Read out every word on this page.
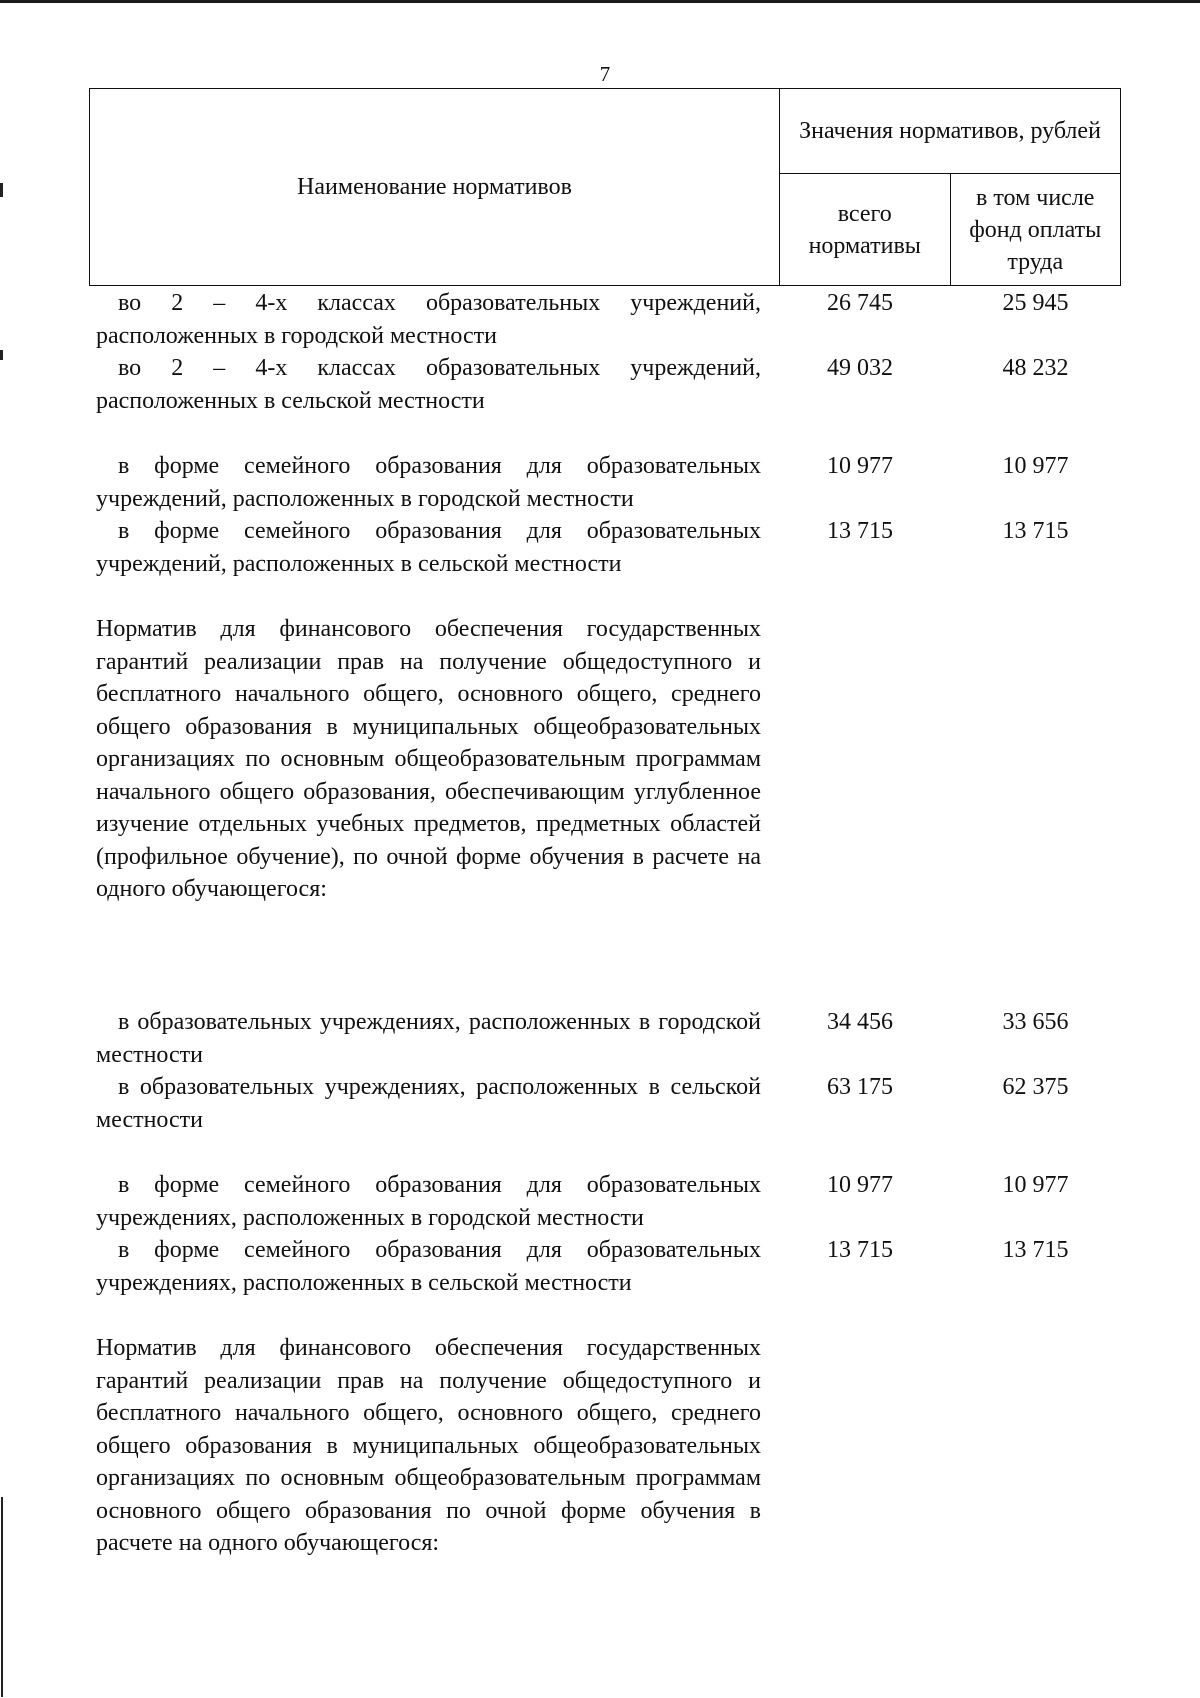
7
Наименование нормативов	Значения нормативов, рублей	
	всего нормативы	в том числе фонд оплаты труда
во 2 – 4-х классах образовательных учреждений, расположенных в городской местности
26 745	25 945
во 2 – 4-х классах образовательных учреждений, расположенных в сельской местности
49 032	48 232
в форме семейного образования для образовательных учреждений, расположенных в городской местности
10 977	10 977
в форме семейного образования для образовательных учреждений, расположенных в сельской местности
13 715	13 715
Норматив для финансового обеспечения государственных гарантий реализации прав на получение общедоступного и бесплатного начального общего, основного общего, среднего общего образования в муниципальных общеобразовательных организациях по основным общеобразовательным программам начального общего образования, обеспечивающим углубленное изучение отдельных учебных предметов, предметных областей (профильное обучение), по очной форме обучения в расчете на одного обучающегося:
в образовательных учреждениях, расположенных в городской местности
34 456	33 656
в образовательных учреждениях, расположенных в сельской местности
63 175	62 375
в форме семейного образования для образовательных учреждениях, расположенных в городской местности
10 977	10 977
в форме семейного образования для образовательных учреждениях, расположенных в сельской местности
13 715	13 715
Норматив для финансового обеспечения государственных гарантий реализации прав на получение общедоступного и бесплатного начального общего, основного общего, среднего общего образования в муниципальных общеобразовательных организациях по основным общеобразовательным программам основного общего образования по очной форме обучения в расчете на одного обучающегося:
